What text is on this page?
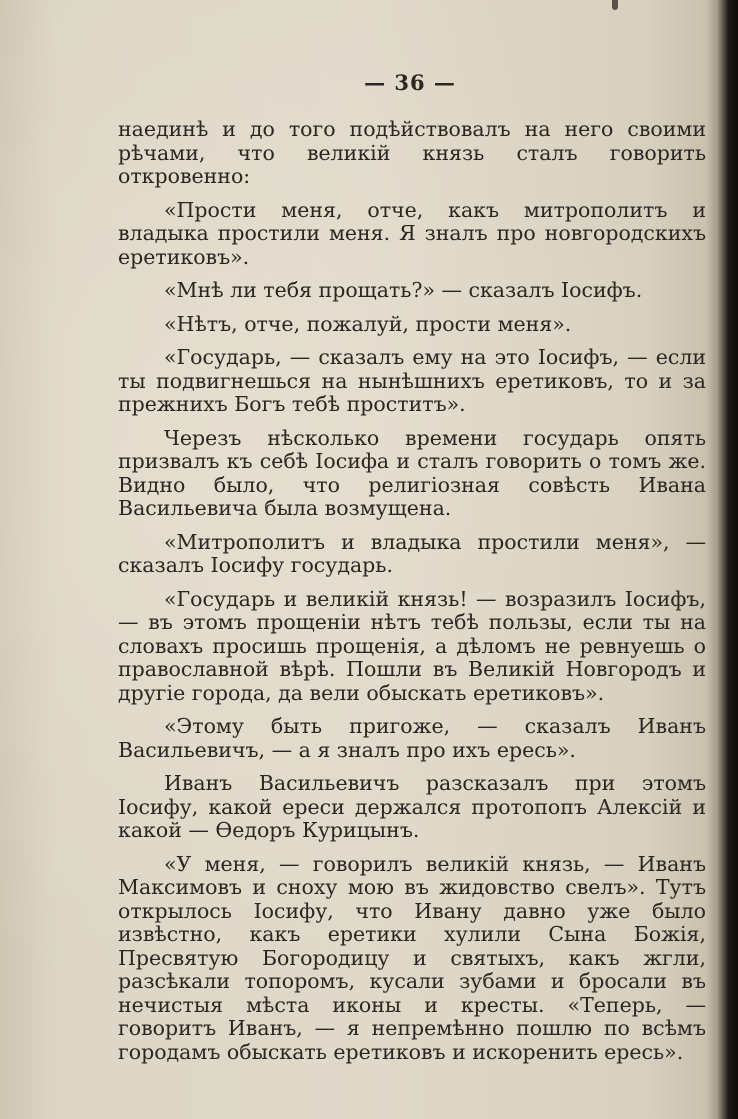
— 36 —

наединѣ и до того подѣйствовалъ на него своими рѣчами, что великій князь сталъ говорить откровенно:

«Прости меня, отче, какъ митрополитъ и владыка простили меня. Я зналъ про новгородскихъ еретиковъ».

«Мнѣ ли тебя прощать?» — сказалъ Іосифъ.

«Нѣтъ, отче, пожалуй, прости меня».

«Государь, — сказалъ ему на это Іосифъ, — если ты подвигнешься на нынѣшнихъ еретиковъ, то и за прежнихъ Богъ тебѣ проститъ».

Черезъ нѣсколько времени государь опять призвалъ къ себѣ Іосифа и сталъ говорить о томъ же. Видно было, что религіозная совѣсть Ивана Васильевича была возмущена.

«Митрополитъ и владыка простили меня», — сказалъ Іосифу государь.

«Государь и великій князь! — возразилъ Іосифъ, — въ этомъ прощеніи нѣтъ тебѣ пользы, если ты на словахъ просишь прощенія, а дѣломъ не ревнуешь о православной вѣрѣ. Пошли въ Великій Новгородъ и другіе города, да вели обыскать еретиковъ».

«Этому быть пригоже, — сказалъ Иванъ Васильевичъ, — а я зналъ про ихъ ересь».

Иванъ Васильевичъ разсказалъ при этомъ Іосифу, какой ереси держался протопопъ Алексій и какой — Ѳедоръ Курицынъ.

«У меня, — говорилъ великій князь, — Иванъ Максимовъ и сноху мою въ жидовство свелъ». Тутъ открылось Іосифу, что Ивану давно уже было извѣстно, какъ еретики хулили Сына Божія, Пресвятую Богородицу и святыхъ, какъ жгли, разсѣкали топоромъ, кусали зубами и бросали въ нечистыя мѣста иконы и кресты. «Теперь, — говоритъ Иванъ, — я непремѣнно пошлю по всѣмъ городамъ обыскать еретиковъ и искоренить ересь».
